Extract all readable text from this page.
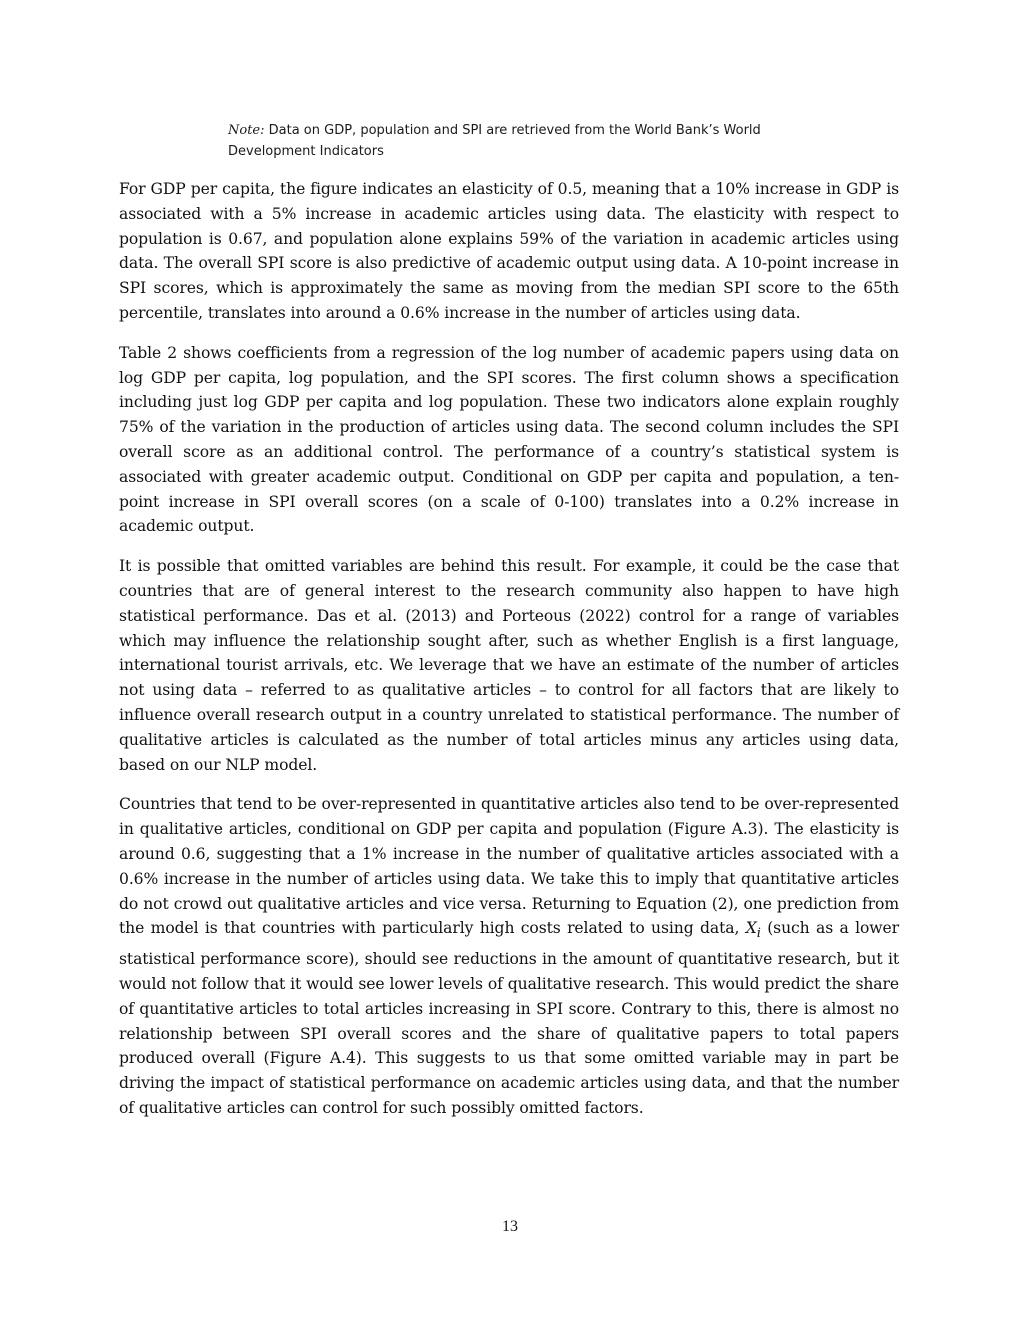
Note: Data on GDP, population and SPI are retrieved from the World Bank’s World Development Indicators

For GDP per capita, the figure indicates an elasticity of 0.5, meaning that a 10% increase in GDP is associated with a 5% increase in academic articles using data. The elasticity with respect to population is 0.67, and population alone explains 59% of the variation in academic articles using data. The overall SPI score is also predictive of academic output using data. A 10-point increase in SPI scores, which is approximately the same as moving from the median SPI score to the 65th percentile, translates into around a 0.6% increase in the number of articles using data.

Table 2 shows coefficients from a regression of the log number of academic papers using data on log GDP per capita, log population, and the SPI scores. The first column shows a specification including just log GDP per capita and log population. These two indicators alone explain roughly 75% of the variation in the production of articles using data. The second column includes the SPI overall score as an additional control. The performance of a country’s statistical system is associated with greater academic output. Conditional on GDP per capita and population, a ten-point increase in SPI overall scores (on a scale of 0-100) translates into a 0.2% increase in academic output.

It is possible that omitted variables are behind this result. For example, it could be the case that countries that are of general interest to the research community also happen to have high statistical performance. Das et al. (2013) and Porteous (2022) control for a range of variables which may influence the relationship sought after, such as whether English is a first language, international tourist arrivals, etc. We leverage that we have an estimate of the number of articles not using data – referred to as qualitative articles – to control for all factors that are likely to influence overall research output in a country unrelated to statistical performance. The number of qualitative articles is calculated as the number of total articles minus any articles using data, based on our NLP model.

Countries that tend to be over-represented in quantitative articles also tend to be over-represented in qualitative articles, conditional on GDP per capita and population (Figure A.3). The elasticity is around 0.6, suggesting that a 1% increase in the number of qualitative articles associated with a 0.6% increase in the number of articles using data. We take this to imply that quantitative articles do not crowd out qualitative articles and vice versa. Returning to Equation (2), one prediction from the model is that countries with particularly high costs related to using data, $X_i$ (such as a lower statistical performance score), should see reductions in the amount of quantitative research, but it would not follow that it would see lower levels of qualitative research. This would predict the share of quantitative articles to total articles increasing in SPI score. Contrary to this, there is almost no relationship between SPI overall scores and the share of qualitative papers to total papers produced overall (Figure A.4). This suggests to us that some omitted variable may in part be driving the impact of statistical performance on academic articles using data, and that the number of qualitative articles can control for such possibly omitted factors.

13
